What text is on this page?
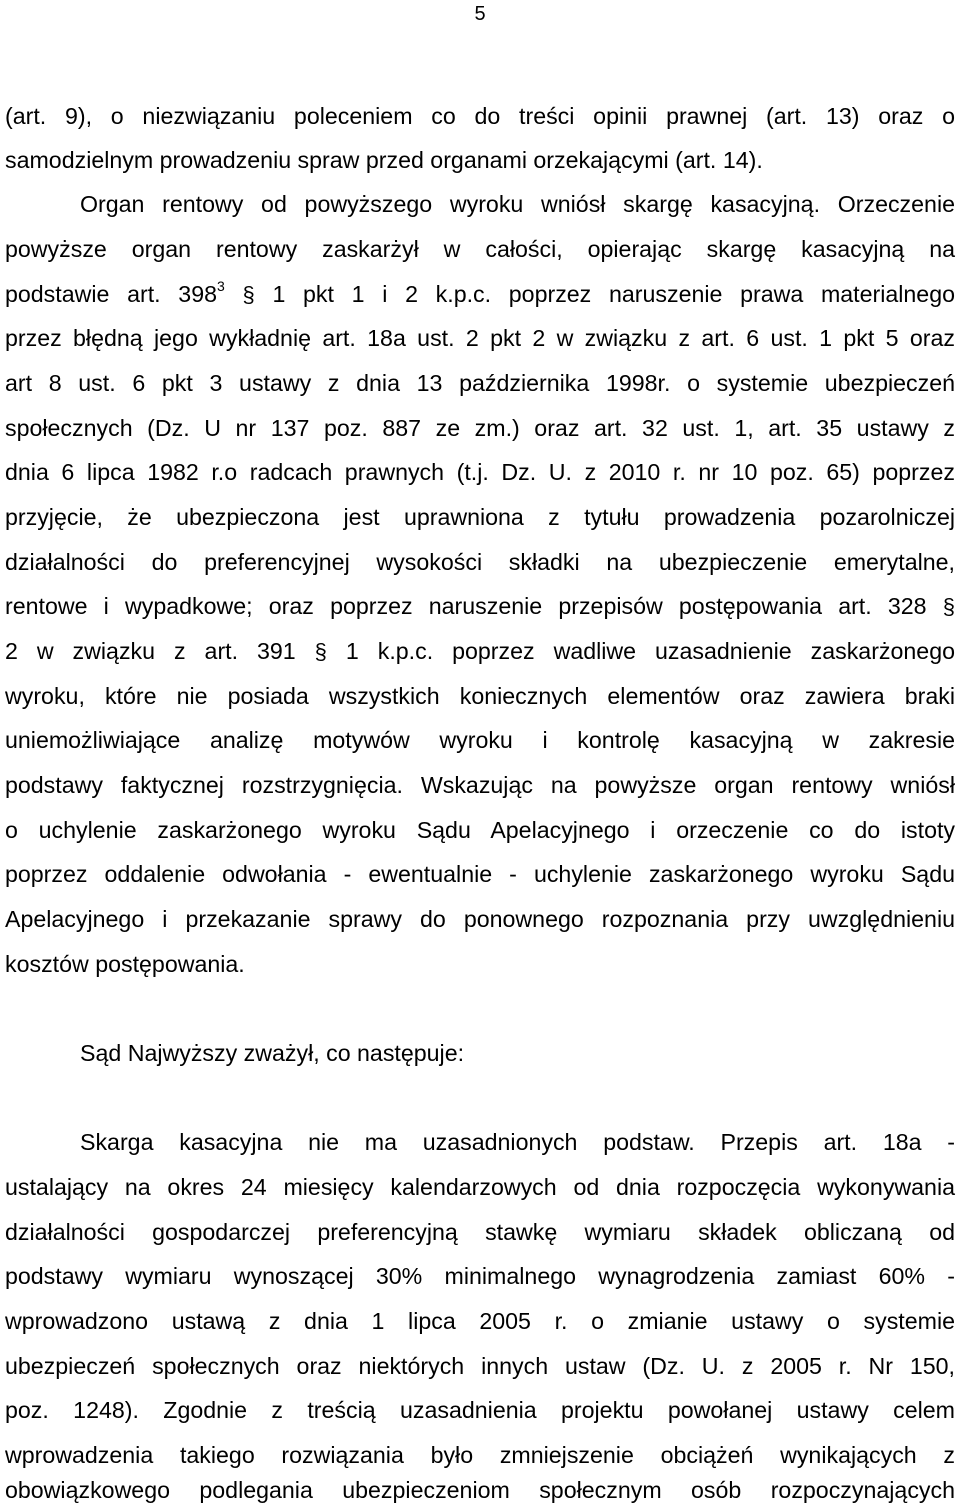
5
(art. 9), o niezwiązaniu poleceniem co do treści opinii prawnej (art. 13) oraz o
samodzielnym prowadzeniu spraw przed organami orzekającymi (art. 14).
Organ rentowy od powyższego wyroku wniósł skargę kasacyjną. Orzeczenie
powyższe organ rentowy zaskarżył w całości, opierając skargę kasacyjną na
podstawie art. $398^3$ § 1 pkt 1 i 2 k.p.c. poprzez naruszenie prawa materialnego
przez błędną jego wykładnię art. 18a ust. 2 pkt 2 w związku z art. 6 ust. 1 pkt 5 oraz
art 8 ust. 6 pkt 3 ustawy z dnia 13 października 1998r. o systemie ubezpieczeń
społecznych (Dz. U nr 137 poz. 887 ze zm.) oraz art. 32 ust. 1, art. 35 ustawy z
dnia 6 lipca 1982 r.o radcach prawnych (t.j. Dz. U. z 2010 r. nr 10 poz. 65) poprzez
przyjęcie, że ubezpieczona jest uprawniona z tytułu prowadzenia pozarolniczej
działalności do preferencyjnej wysokości składki na ubezpieczenie emerytalne,
rentowe i wypadkowe; oraz poprzez naruszenie przepisów postępowania art. 328 §
2 w związku z art. 391 § 1 k.p.c. poprzez wadliwe uzasadnienie zaskarżonego
wyroku, które nie posiada wszystkich koniecznych elementów oraz zawiera braki
uniemożliwiające analizę motywów wyroku i kontrolę kasacyjną w zakresie
podstawy faktycznej rozstrzygnięcia. Wskazując na powyższe organ rentowy wniósł
o uchylenie zaskarżonego wyroku Sądu Apelacyjnego i orzeczenie co do istoty
poprzez oddalenie odwołania - ewentualnie - uchylenie zaskarżonego wyroku Sądu
Apelacyjnego i przekazanie sprawy do ponownego rozpoznania przy uwzględnieniu
kosztów postępowania.
Sąd Najwyższy zważył, co następuje:
Skarga kasacyjna nie ma uzasadnionych podstaw. Przepis art. 18a -
ustalający na okres 24 miesięcy kalendarzowych od dnia rozpoczęcia wykonywania
działalności gospodarczej preferencyjną stawkę wymiaru składek obliczaną od
podstawy wymiaru wynoszącej 30% minimalnego wynagrodzenia zamiast 60% -
wprowadzono ustawą z dnia 1 lipca 2005 r. o zmianie ustawy o systemie
ubezpieczeń społecznych oraz niektórych innych ustaw (Dz. U. z 2005 r. Nr 150,
poz. 1248). Zgodnie z treścią uzasadnienia projektu powołanej ustawy celem
wprowadzenia takiego rozwiązania było zmniejszenie obciążeń wynikających z
obowiązkowego podlegania ubezpieczeniom społecznym osób rozpoczynających
